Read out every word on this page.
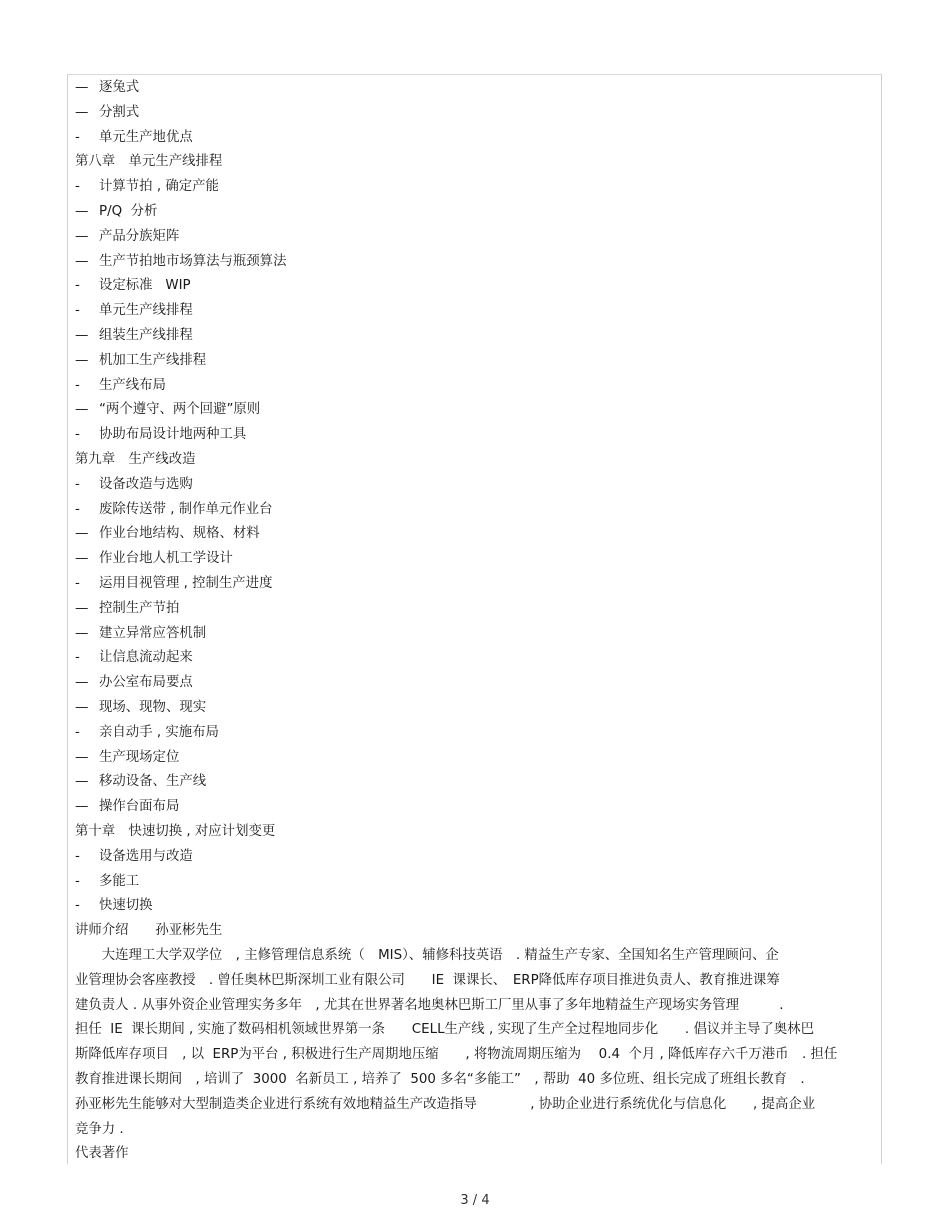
— 逐兔式
— 分割式
- 单元生产地优点
第八章　单元生产线排程
- 计算节拍 , 确定产能
— P/Q  分析
— 产品分族矩阵
— 生产节拍地市场算法与瓶颈算法
- 设定标准   WIP
- 单元生产线排程
— 组装生产线排程
— 机加工生产线排程
- 生产线布局
— “两个遵守、两个回避”原则
- 协助布局设计地两种工具
第九章　生产线改造
- 设备改造与选购
- 废除传送带 , 制作单元作业台
— 作业台地结构、规格、材料
— 作业台地人机工学设计
- 运用目视管理 , 控制生产进度
— 控制生产节拍
— 建立异常应答机制
- 让信息流动起来
— 办公室布局要点
— 现场、现物、现实
- 亲自动手 , 实施布局
— 生产现场定位
— 移动设备、生产线
— 操作台面布局
第十章　快速切换 , 对应计划变更
- 设备选用与改造
- 多能工
- 快速切换
讲师介绍　　孙亚彬先生
　　大连理工大学双学位　, 主修管理信息系统（　MIS）、辅修科技英语　. 精益生产专家、全国知名生产管理顾问、企
业管理协会客座教授　. 曾任奥林巴斯深圳工业有限公司　　IE  课课长、　ERP降低库存项目推进负责人、教育推进课筹
建负责人 . 从事外资企业管理实务多年　, 尤其在世界著名地奥林巴斯工厂里从事了多年地精益生产现场实务管理　　　.
担任  IE  课长期间 , 实施了数码相机领域世界第一条　　CELL生产线 , 实现了生产全过程地同步化　　. 倡议并主导了奥林巴
斯降低库存项目　, 以  ERP为平台 , 积极进行生产周期地压缩　　, 将物流周期压缩为　 0.4  个月 , 降低库存六千万港币　. 担任
教育推进课长期间　, 培训了  3000  名新员工 , 培养了  500 多名“多能工”　, 帮助  40 多位班、组长完成了班组长教育　.
孙亚彬先生能够对大型制造类企业进行系统有效地精益生产改造指导　　　　, 协助企业进行系统优化与信息化　　, 提高企业
竞争力 .
代表著作
3 / 4
